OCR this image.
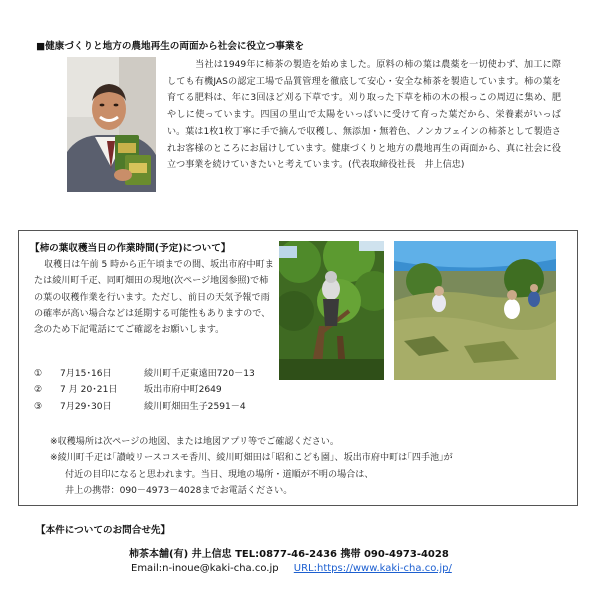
■健康づくりと地方の農地再生の両面から社会に役立つ事業を
当社は1949年に柿茶の製造を始めました。原料の柿の葉は農薬を一切使わず、加工に際しても有機JASの認定工場で品質管理を徹底して安心・安全な柿茶を製造しています。柿の葉を育てる肥料は、年に3回ほど刈る下草です。刈り取った下草を柿の木の根っこの周辺に集め、肥やしに使っています。四国の里山で太陽をいっぱいに受けて育った葉だから、栄養素がいっぱい。葉は1枚1枚丁寧に手で摘んで収穫し、無添加・無着色、ノンカフェインの柿茶として製造されお客様のところにお届けしています。健康づくりと地方の農地再生の両面から、真に社会に役立つ事業を続けていきたいと考えています。(代表取締役社長　井上信忠)
【柿の葉収穫当日の作業時間(予定)について】
収穫日は午前 5 時から正午頃までの間、坂出市府中町または綾川町千疋、同町畑田の現地(次ページ地図参照)で柿の葉の収穫作業を行います。ただし、前日の天気予報で雨の確率が高い場合などは延期する可能性もありますので、念のため下記電話にてご確認をお願いします。
①	7月15･16日	綾川町千疋東遠田720－13
②	7 月 20･21日	坂出市府中町2649
③	7月29･30日	綾川町畑田生子2591－4
※収穫場所は次ページの地図、または地図アプリ等でご確認ください。
※綾川町千疋は｢讃岐リースコスモ香川、綾川町畑田は｢昭和こども園｣、坂出市府中町は｢四手池｣が
付近の目印になると思われます。当日、現地の場所・道順が不明の場合は、
井上の携帯：090－4973－4028までお電話ください。
【本件についてのお問合せ先】
柿茶本舗(有) 井上信忠 TEL:0877-46-2436 携帯 090-4973-4028
Email:n-inoue@kaki-cha.co.jp URL:https://www.kaki-cha.co.jp/
